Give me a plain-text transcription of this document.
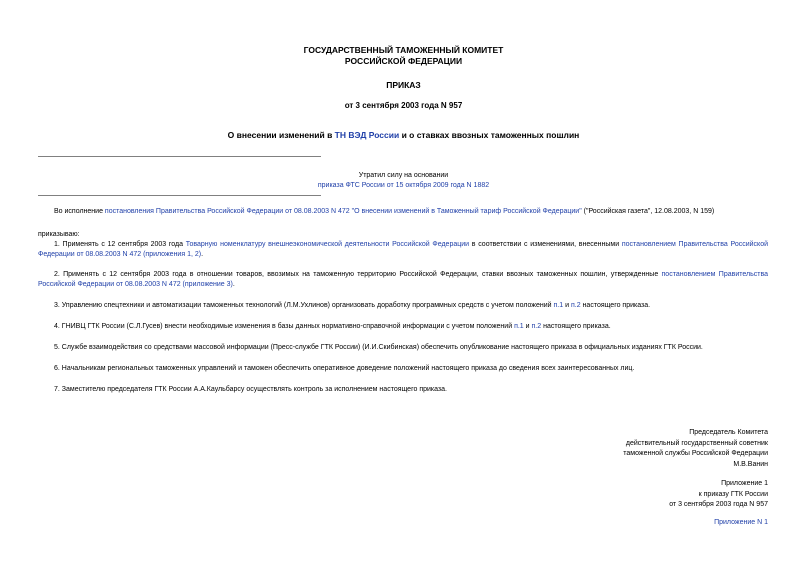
ГОСУДАРСТВЕННЫЙ ТАМОЖЕННЫЙ КОМИТЕТ
РОССИЙСКОЙ ФЕДЕРАЦИИ
ПРИКАЗ
от 3 сентября 2003 года N 957
О внесении изменений в ТН ВЭД России и о ставках ввозных таможенных пошлин
Утратил силу на основании
приказа ФТС России от 15 октября 2009 года N 1882
Во исполнение постановления Правительства Российской Федерации от 08.08.2003 N 472 "О внесении изменений в Таможенный тариф Российской Федерации" ("Российская газета", 12.08.2003, N 159)
приказываю:
1. Применять с 12 сентября 2003 года Товарную номенклатуру внешнеэкономической деятельности Российской Федерации в соответствии с изменениями, внесенными постановлением Правительства Российской Федерации от 08.08.2003 N 472 (приложения 1, 2).
2. Применять с 12 сентября 2003 года в отношении товаров, ввозимых на таможенную территорию Российской Федерации, ставки ввозных таможенных пошлин, утвержденные постановлением Правительства Российской Федерации от 08.08.2003 N 472 (приложение 3).
3. Управлению спецтехники и автоматизации таможенных технологий (Л.М.Ухлинов) организовать доработку программных средств с учетом положений п.1 и п.2 настоящего приказа.
4. ГНИВЦ ГТК России (С.Л.Гусев) внести необходимые изменения в базы данных нормативно-справочной информации с учетом положений п.1 и п.2 настоящего приказа.
5. Службе взаимодействия со средствами массовой информации (Пресс-службе ГТК России) (И.И.Скибинская) обеспечить опубликование настоящего приказа в официальных изданиях ГТК России.
6. Начальникам региональных таможенных управлений и таможен обеспечить оперативное доведение положений настоящего приказа до сведения всех заинтересованных лиц.
7. Заместителю председателя ГТК России А.А.Каульбарсу осуществлять контроль за исполнением настоящего приказа.
Председатель Комитета
действительный государственный советник
таможенной службы Российской Федерации
М.В.Ванин
Приложение 1
к приказу ГТК России
от 3 сентября 2003 года N 957
Приложение N 1
